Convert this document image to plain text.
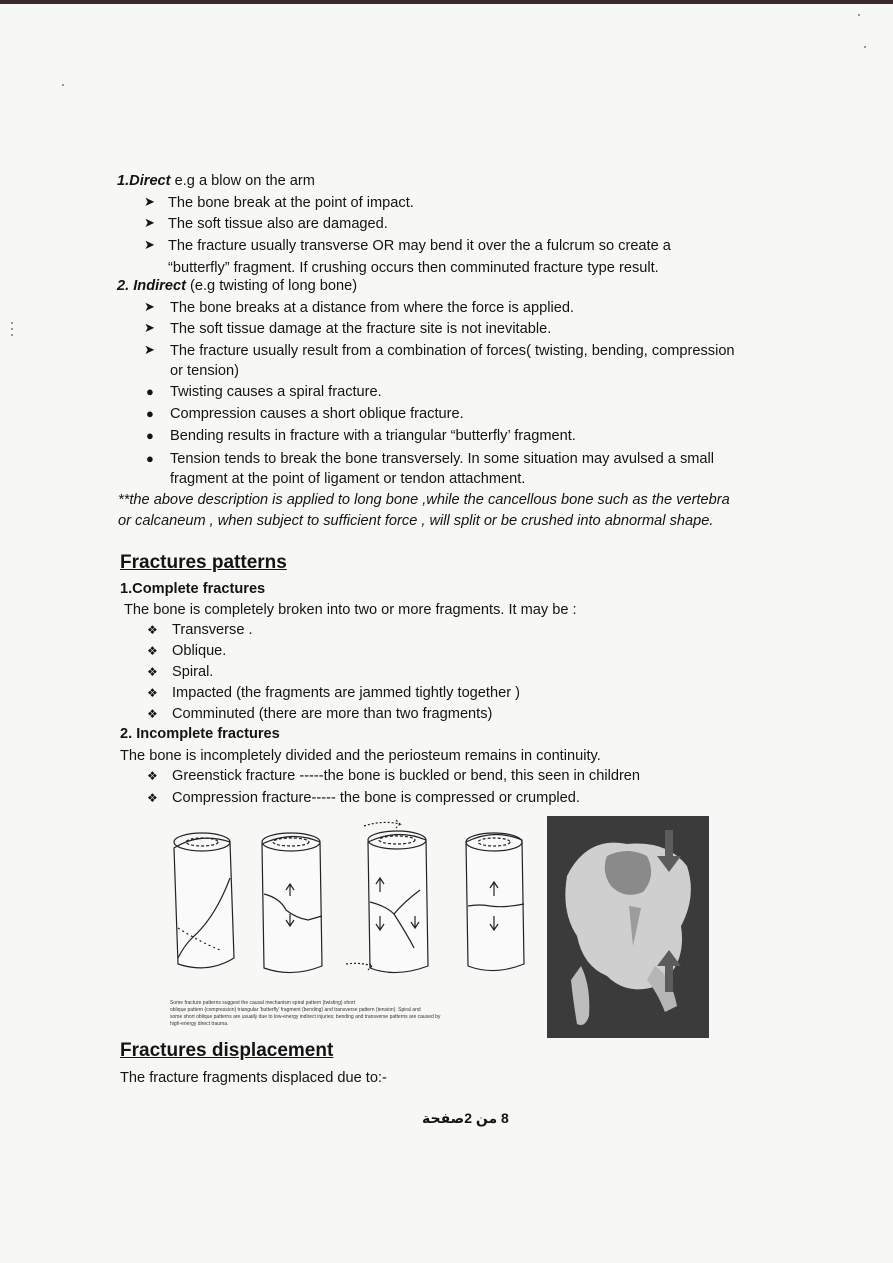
1.Direct e.g a blow on the arm
➤ The bone break at the point of impact.
➤ The soft tissue also are damaged.
➤ The fracture usually transverse OR may bend it over the a fulcrum so create a
“butterfly” fragment. If crushing occurs then comminuted fracture type result.
2. Indirect (e.g twisting of long bone)
➤ The bone breaks at a distance from where the force is applied.
➤ The soft tissue damage at the fracture site is not inevitable.
➤ The fracture usually result from a combination of forces( twisting, bending, compression
or tension)
● Twisting causes a spiral fracture.
● Compression causes a short oblique fracture.
● Bending results in fracture with a triangular “butterfly’ fragment.
● Tension tends to break the bone transversely. In some situation may avulsed a small
fragment at the point of ligament or tendon attachment.
**the above description is applied to long bone ,while the cancellous bone such as the vertebra
or calcaneum , when subject to sufficient force , will split or be crushed into abnormal shape.
Fractures patterns
1.Complete fractures
The bone is completely broken into two or more fragments. It may be :
❖ Transverse .
❖ Oblique.
❖ Spiral.
❖ Impacted (the fragments are jammed tightly together )
❖ Comminuted (there are more than two fragments)
2. Incomplete fractures
The bone is incompletely divided and the periosteum remains in continuity.
❖ Greenstick fracture -----the bone is buckled or bend, this seen in children
❖ Compression fracture----- the bone is compressed or crumpled.
Some fracture patterns suggest the causal mechanism spiral pattern (twisting) short
oblique pattern (compression) triangular 'butterfly' fragment (bending) and transverse pattern (tension). Spiral and
some short oblique patterns are usually due to low-energy indirect injuries; bending and transverse patterns are caused by
high-energy direct trauma.
Fractures displacement
The fracture fragments displaced due to:-
8 من 2صفحة
